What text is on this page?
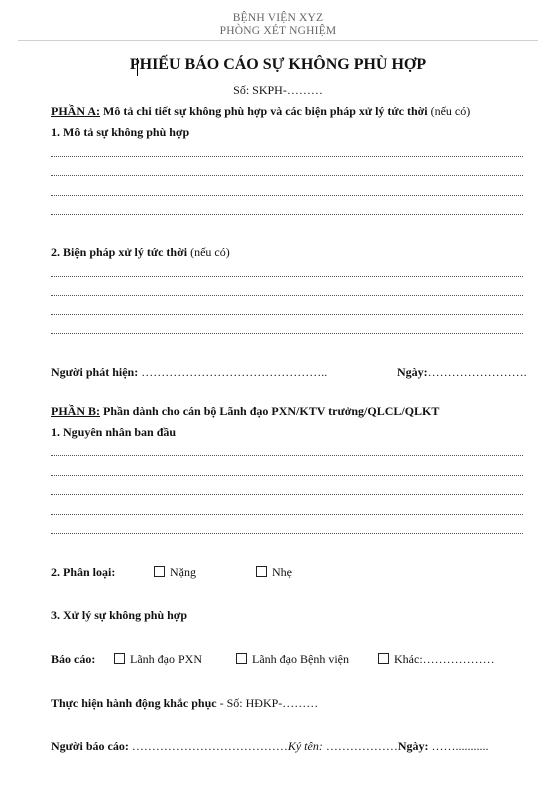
BỆNH VIỆN XYZ
PHÒNG XÉT NGHIỆM
PHIẾU BÁO CÁO SỰ KHÔNG PHÙ HỢP
Số: SKPH-………
PHẦN A: Mô tả chi tiết sự không phù hợp và các biện pháp xử lý tức thời (nếu có)
1. Mô tả sự không phù hợp
2. Biện pháp xử lý tức thời (nếu có)
Người phát hiện: ………………………………………..	Ngày:…………………….
PHẦN B: Phần dành cho cán bộ Lãnh đạo PXN/KTV trưởng/QLCL/QLKT
1. Nguyên nhân ban đầu
2. Phân loại:	Nặng	Nhẹ
3. Xử lý sự không phù hợp
Báo cáo:	Lãnh đạo PXN	Lãnh đạo Bệnh viện	Khác:………………
Thực hiện hành động khắc phục - Số: HĐKP-………
Người báo cáo: …………………………………Ký tên: ………………Ngày: ……...........
